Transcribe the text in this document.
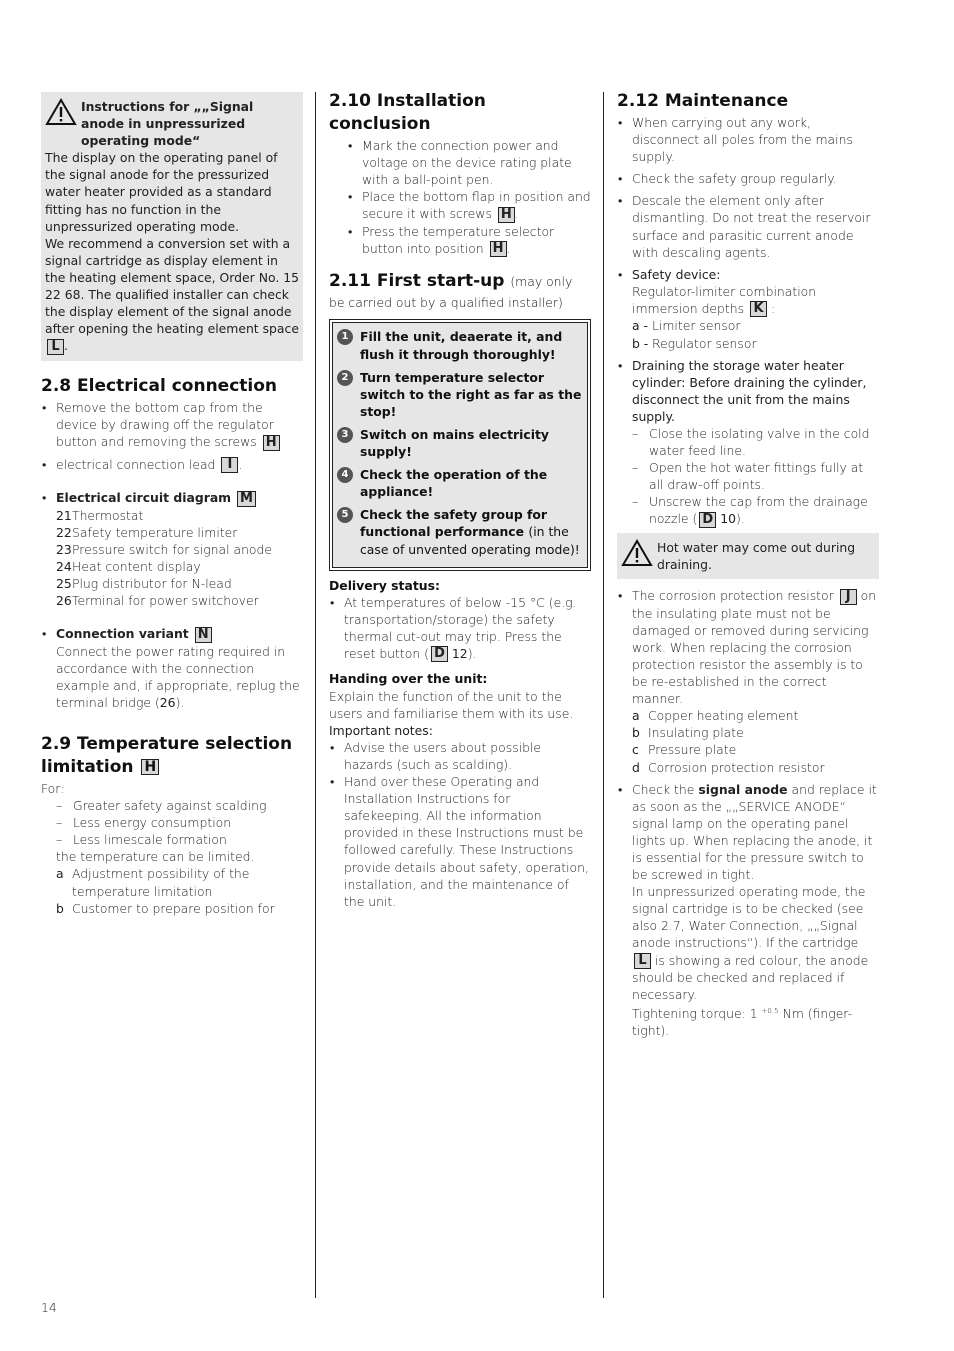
Instructions for „„Signal anode in unpressurized operating mode“

The display on the operating panel of the signal anode for the pressurized water heater provided as a standard fitting has no function in the unpressurized operating mode.

We recommend a conversion set with a signal cartridge as display element in the heating element space, Order No. 15 22 68. The qualified installer can check the display element of the signal anode after opening the heating element space L .

2.8 Electrical connection
• Remove the bottom cap from the device by drawing off the regulator button and removing the screws H
• electrical connection lead I .
• Electrical circuit diagram M
21 Thermostat
22 Safety temperature limiter
23 Pressure switch for signal anode
24 Heat content display
25 Plug distributor for N-lead
26 Terminal for power switchover
• Connection variant N
Connect the power rating required in accordance with the connection example and, if appropriate, replug the terminal bridge (26).
2.9 Temperature selection limitation H

For:

– Greater safety against scalding
– Less energy consumption
– Less limescale formation

the temperature can be limited.

a Adjustment possibility of the temperature limitation
b Customer to prepare position for
2.10 Installation conclusion
• Mark the connection power and voltage on the device rating plate with a ball-point pen.
• Place the bottom flap in position and secure it with screws H .
• Press the temperature selector button into position H .
2.11 First start-up (may only be carried out by a qualified installer)
1 Fill the unit, deaerate it, and flush it through thoroughly!
2 Turn temperature selector switch to the right as far as the stop!
3 Switch on mains electricity supply!
4 Check the operation of the appliance!
5 Check the safety group for functional performance (in the case of unvented operating mode)!

Delivery status:

• At temperatures of below -15 °C (e.g. transportation/storage) the safety thermal cut-out may trip. Press the reset button ( D 12).

Handing over the unit:

Explain the function of the unit to the users and familiarise them with its use.

Important notes:

• Advise the users about possible hazards (such as scalding).
• Hand over these Operating and Installation Instructions for safekeeping. All the information provided in these Instructions must be followed carefully. These Instructions provide details about safety, operation, installation, and the maintenance of the unit.
2.12 Maintenance
• When carrying out any work, disconnect all poles from the mains supply.
• Check the safety group regularly.
• Descale the element only after dismantling. Do not treat the reservoir surface and parasitic current anode with descaling agents.
• Safety device:
Regulator-limiter combination immersion depths K :
a - Limiter sensor
b - Regulator sensor
• Draining the storage water heater cylinder: Before draining the cylinder, disconnect the unit from the mains supply.
– Close the isolating valve in the cold water feed line.
– Open the hot water fittings fully at all draw-off points.
– Unscrew the cap from the drainage nozzle ( D 10).
Hot water may come out during draining.
• The corrosion protection resistor J on the insulating plate must not be damaged or removed during servicing work. When replacing the corrosion protection resistor the assembly is to be re-established in the correct manner.
a Copper heating element
b Insulating plate
c Pressure plate
d Corrosion protection resistor
• Check the signal anode and replace it as soon as the „„SERVICE ANODE“ signal lamp on the operating panel lights up. When replacing the anode, it is essential for the pressure switch to be screwed in tight.
In unpressurized operating mode, the signal cartridge is to be checked (see also 2.7, Water Connection, „„Signal anode instructions“). If the cartridge L is showing a red colour, the anode should be checked and replaced if necessary.
Tightening torque: 1 $^{+0.5}$ Nm (finger-tight).
14
